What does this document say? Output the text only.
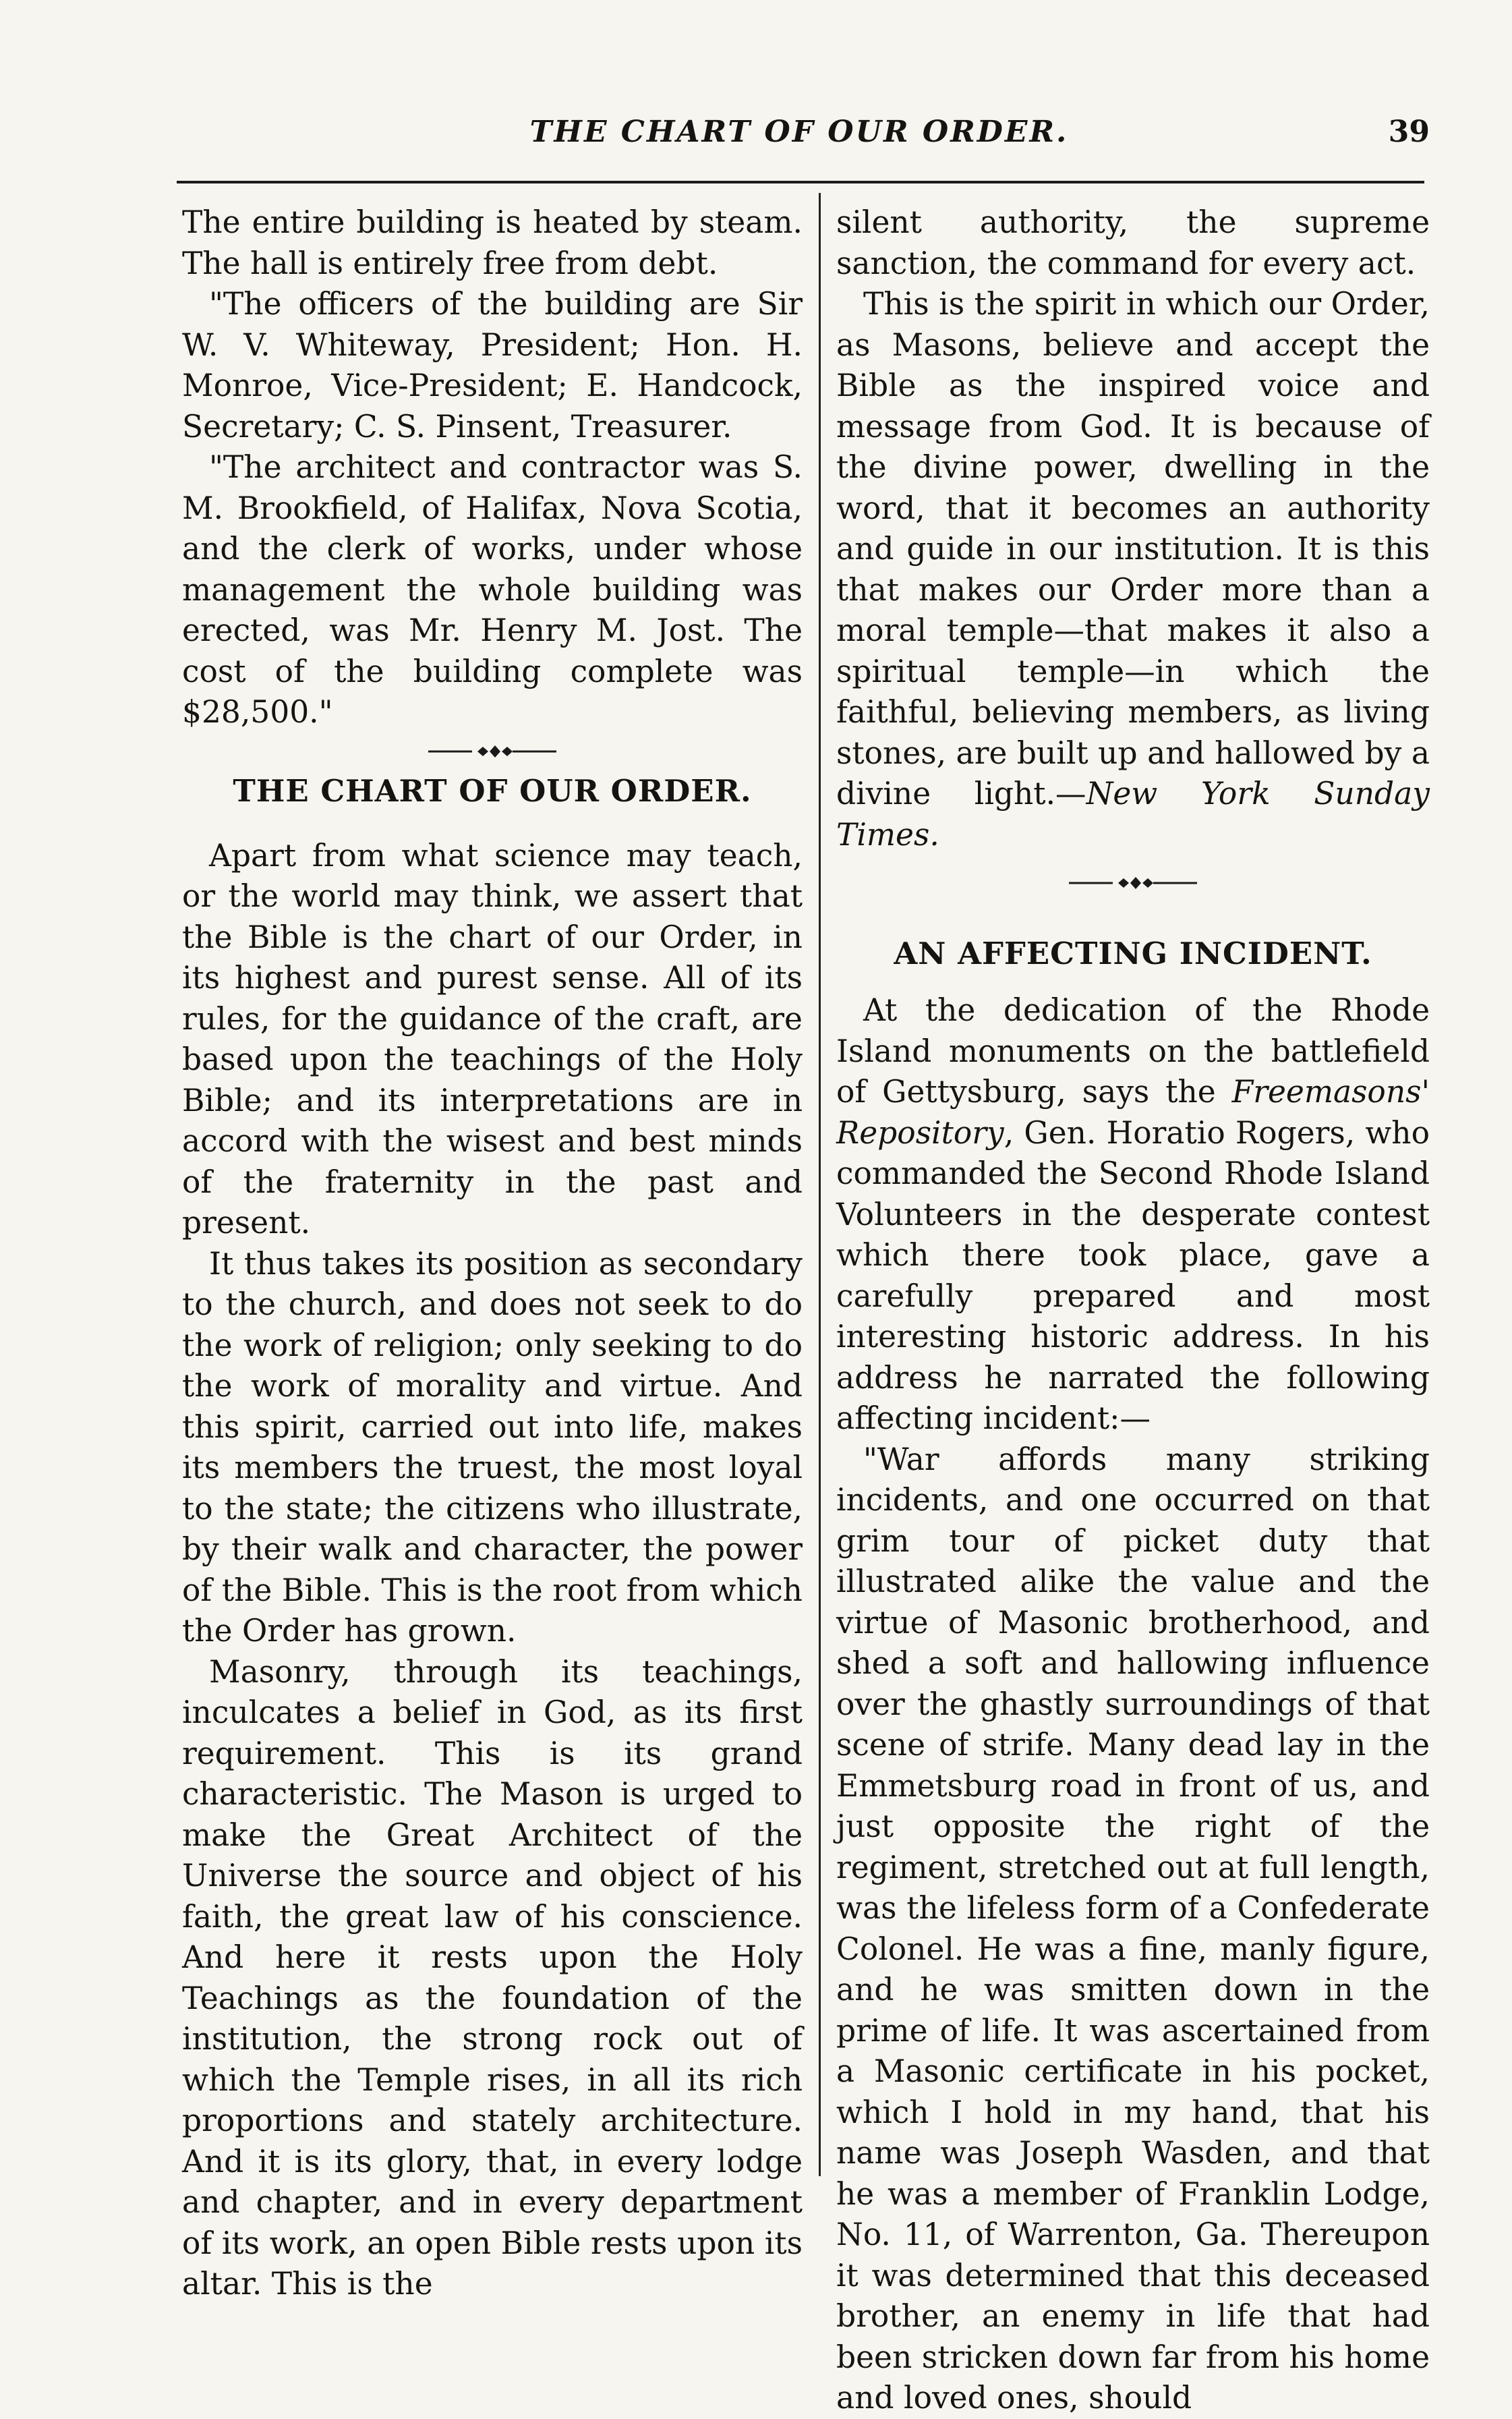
THE CHART OF OUR ORDER.	39

The entire building is heated by steam. The hall is entirely free from debt.

"The officers of the building are Sir W. V. Whiteway, President; Hon. H. Monroe, Vice-President; E. Handcock, Secretary; C. S. Pinsent, Treasurer.

"The architect and contractor was S. M. Brookfield, of Halifax, Nova Scotia, and the clerk of works, under whose management the whole building was erected, was Mr. Henry M. Jost. The cost of the building complete was $28,500."

THE CHART OF OUR ORDER.

Apart from what science may teach, or the world may think, we assert that the Bible is the chart of our Order, in its highest and purest sense. All of its rules, for the guidance of the craft, are based upon the teachings of the Holy Bible; and its interpretations are in accord with the wisest and best minds of the fraternity in the past and present.

It thus takes its position as secondary to the church, and does not seek to do the work of religion; only seeking to do the work of morality and virtue. And this spirit, carried out into life, makes its members the truest, the most loyal to the state; the citizens who illustrate, by their walk and character, the power of the Bible. This is the root from which the Order has grown.

Masonry, through its teachings, inculcates a belief in God, as its first requirement. This is its grand characteristic. The Mason is urged to make the Great Architect of the Universe the source and object of his faith, the great law of his conscience. And here it rests upon the Holy Teachings as the foundation of the institution, the strong rock out of which the Temple rises, in all its rich proportions and stately architecture. And it is its glory, that, in every lodge and chapter, and in every department of its work, an open Bible rests upon its altar. This is the

silent authority, the supreme sanction, the command for every act.

This is the spirit in which our Order, as Masons, believe and accept the Bible as the inspired voice and message from God. It is because of the divine power, dwelling in the word, that it becomes an authority and guide in our institution. It is this that makes our Order more than a moral temple—that makes it also a spiritual temple—in which the faithful, believing members, as living stones, are built up and hallowed by a divine light.—New York Sunday Times.

AN AFFECTING INCIDENT.

At the dedication of the Rhode Island monuments on the battlefield of Gettysburg, says the Freemasons' Repository, Gen. Horatio Rogers, who commanded the Second Rhode Island Volunteers in the desperate contest which there took place, gave a carefully prepared and most interesting historic address. In his address he narrated the following affecting incident:—

"War affords many striking incidents, and one occurred on that grim tour of picket duty that illustrated alike the value and the virtue of Masonic brotherhood, and shed a soft and hallowing influence over the ghastly surroundings of that scene of strife. Many dead lay in the Emmetsburg road in front of us, and just opposite the right of the regiment, stretched out at full length, was the lifeless form of a Confederate Colonel. He was a fine, manly figure, and he was smitten down in the prime of life. It was ascertained from a Masonic certificate in his pocket, which I hold in my hand, that his name was Joseph Wasden, and that he was a member of Franklin Lodge, No. 11, of Warrenton, Ga. Thereupon it was determined that this deceased brother, an enemy in life that had been stricken down far from his home and loved ones, should
